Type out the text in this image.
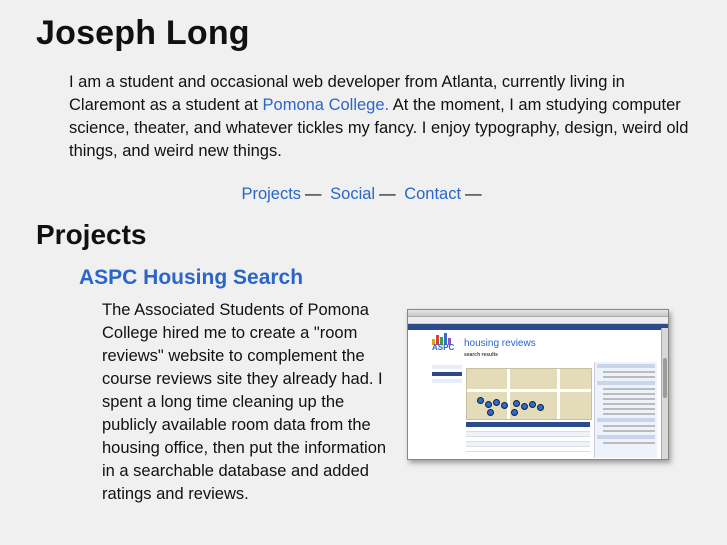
Joseph Long

I am a student and occasional web developer from Atlanta, currently living in Claremont as a student at Pomona College. At the moment, I am studying computer science, theater, and whatever tickles my fancy. I enjoy typography, design, weird old things, and weird new things.

Projects — Social — Contact —
Projects
ASPC Housing Search

The Associated Students of Pomona College hired me to create a "room reviews" website to complement the course reviews site they already had. I spent a long time cleaning up the publicly available room data from the housing office, then put the information in a searchable database and added ratings and reviews.

ASPC housing reviews
search results
